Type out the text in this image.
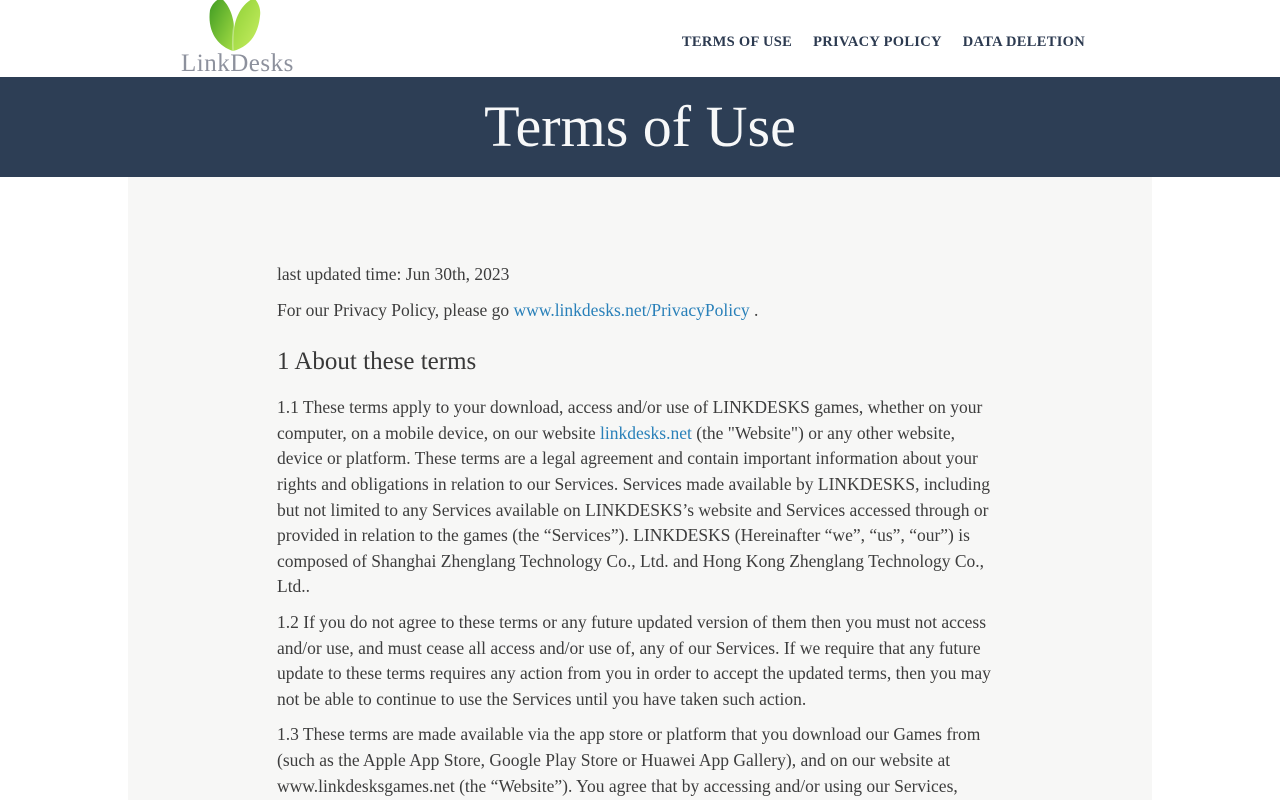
LinkDesks
TERMS OF USE PRIVACY POLICY DATA DELETION
Terms of Use

last updated time: Jun 30th, 2023

For our Privacy Policy, please go www.linkdesks.net/PrivacyPolicy .

1 About these terms

1.1 These terms apply to your download, access and/or use of LINKDESKS games, whether on your computer, on a mobile device, on our website linkdesks.net (the "Website") or any other website, device or platform. These terms are a legal agreement and contain important information about your rights and obligations in relation to our Services. Services made available by LINKDESKS, including but not limited to any Services available on LINKDESKS’s website and Services accessed through or provided in relation to the games (the “Services”). LINKDESKS (Hereinafter “we”, “us”, “our”) is composed of Shanghai Zhenglang Technology Co., Ltd. and Hong Kong Zhenglang Technology Co., Ltd..

1.2 If you do not agree to these terms or any future updated version of them then you must not access and/or use, and must cease all access and/or use of, any of our Services. If we require that any future update to these terms requires any action from you in order to accept the updated terms, then you may not be able to continue to use the Services until you have taken such action.

1.3 These terms are made available via the app store or platform that you download our Games from (such as the Apple App Store, Google Play Store or Huawei App Gallery), and on our website at www.linkdesksgames.net (the “Website”). You agree that by accessing and/or using our Services,
